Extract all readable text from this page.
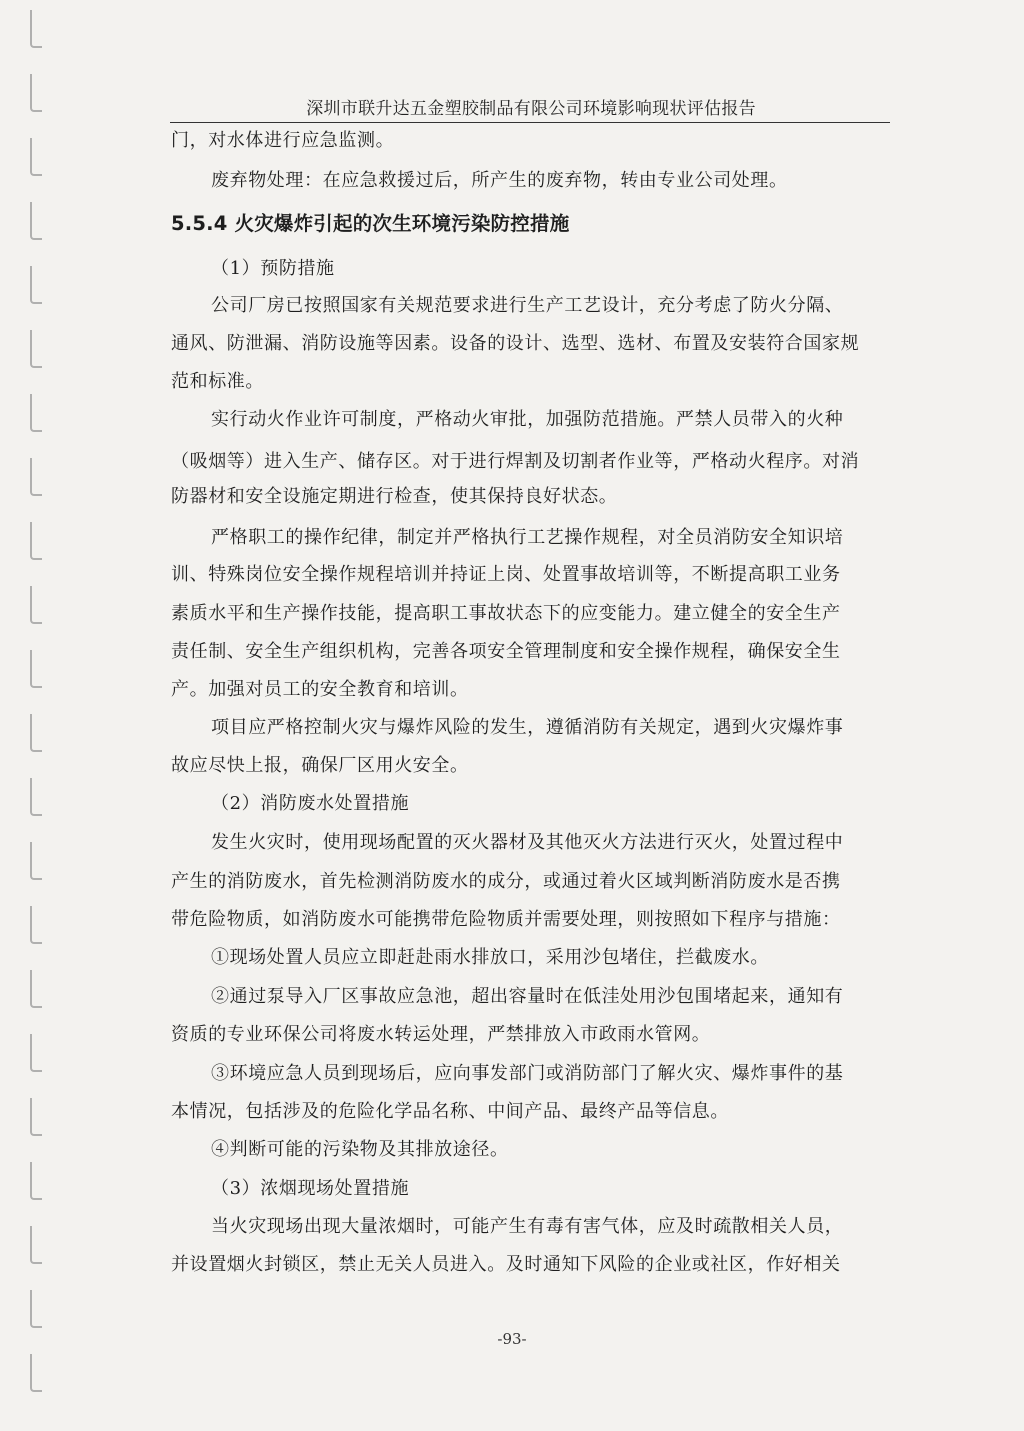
深圳市联升达五金塑胶制品有限公司环境影响现状评估报告
门，对水体进行应急监测。
废弃物处理：在应急救援过后，所产生的废弃物，转由专业公司处理。
5.5.4 火灾爆炸引起的次生环境污染防控措施
（1）预防措施
公司厂房已按照国家有关规范要求进行生产工艺设计，充分考虑了防火分隔、
通风、防泄漏、消防设施等因素。设备的设计、选型、选材、布置及安装符合国家规
范和标准。
实行动火作业许可制度，严格动火审批，加强防范措施。严禁人员带入的火种
（吸烟等）进入生产、储存区。对于进行焊割及切割者作业等，严格动火程序。对消
防器材和安全设施定期进行检查，使其保持良好状态。
严格职工的操作纪律，制定并严格执行工艺操作规程，对全员消防安全知识培
训、特殊岗位安全操作规程培训并持证上岗、处置事故培训等，不断提高职工业务
素质水平和生产操作技能，提高职工事故状态下的应变能力。建立健全的安全生产
责任制、安全生产组织机构，完善各项安全管理制度和安全操作规程，确保安全生
产。加强对员工的安全教育和培训。
项目应严格控制火灾与爆炸风险的发生，遵循消防有关规定，遇到火灾爆炸事
故应尽快上报，确保厂区用火安全。
（2）消防废水处置措施
发生火灾时，使用现场配置的灭火器材及其他灭火方法进行灭火，处置过程中
产生的消防废水，首先检测消防废水的成分，或通过着火区域判断消防废水是否携
带危险物质，如消防废水可能携带危险物质并需要处理，则按照如下程序与措施：
①现场处置人员应立即赶赴雨水排放口，采用沙包堵住，拦截废水。
②通过泵导入厂区事故应急池，超出容量时在低洼处用沙包围堵起来，通知有
资质的专业环保公司将废水转运处理，严禁排放入市政雨水管网。
③环境应急人员到现场后，应向事发部门或消防部门了解火灾、爆炸事件的基
本情况，包括涉及的危险化学品名称、中间产品、最终产品等信息。
④判断可能的污染物及其排放途径。
（3）浓烟现场处置措施
当火灾现场出现大量浓烟时，可能产生有毒有害气体，应及时疏散相关人员，
并设置烟火封锁区，禁止无关人员进入。及时通知下风险的企业或社区，作好相关
-93-
